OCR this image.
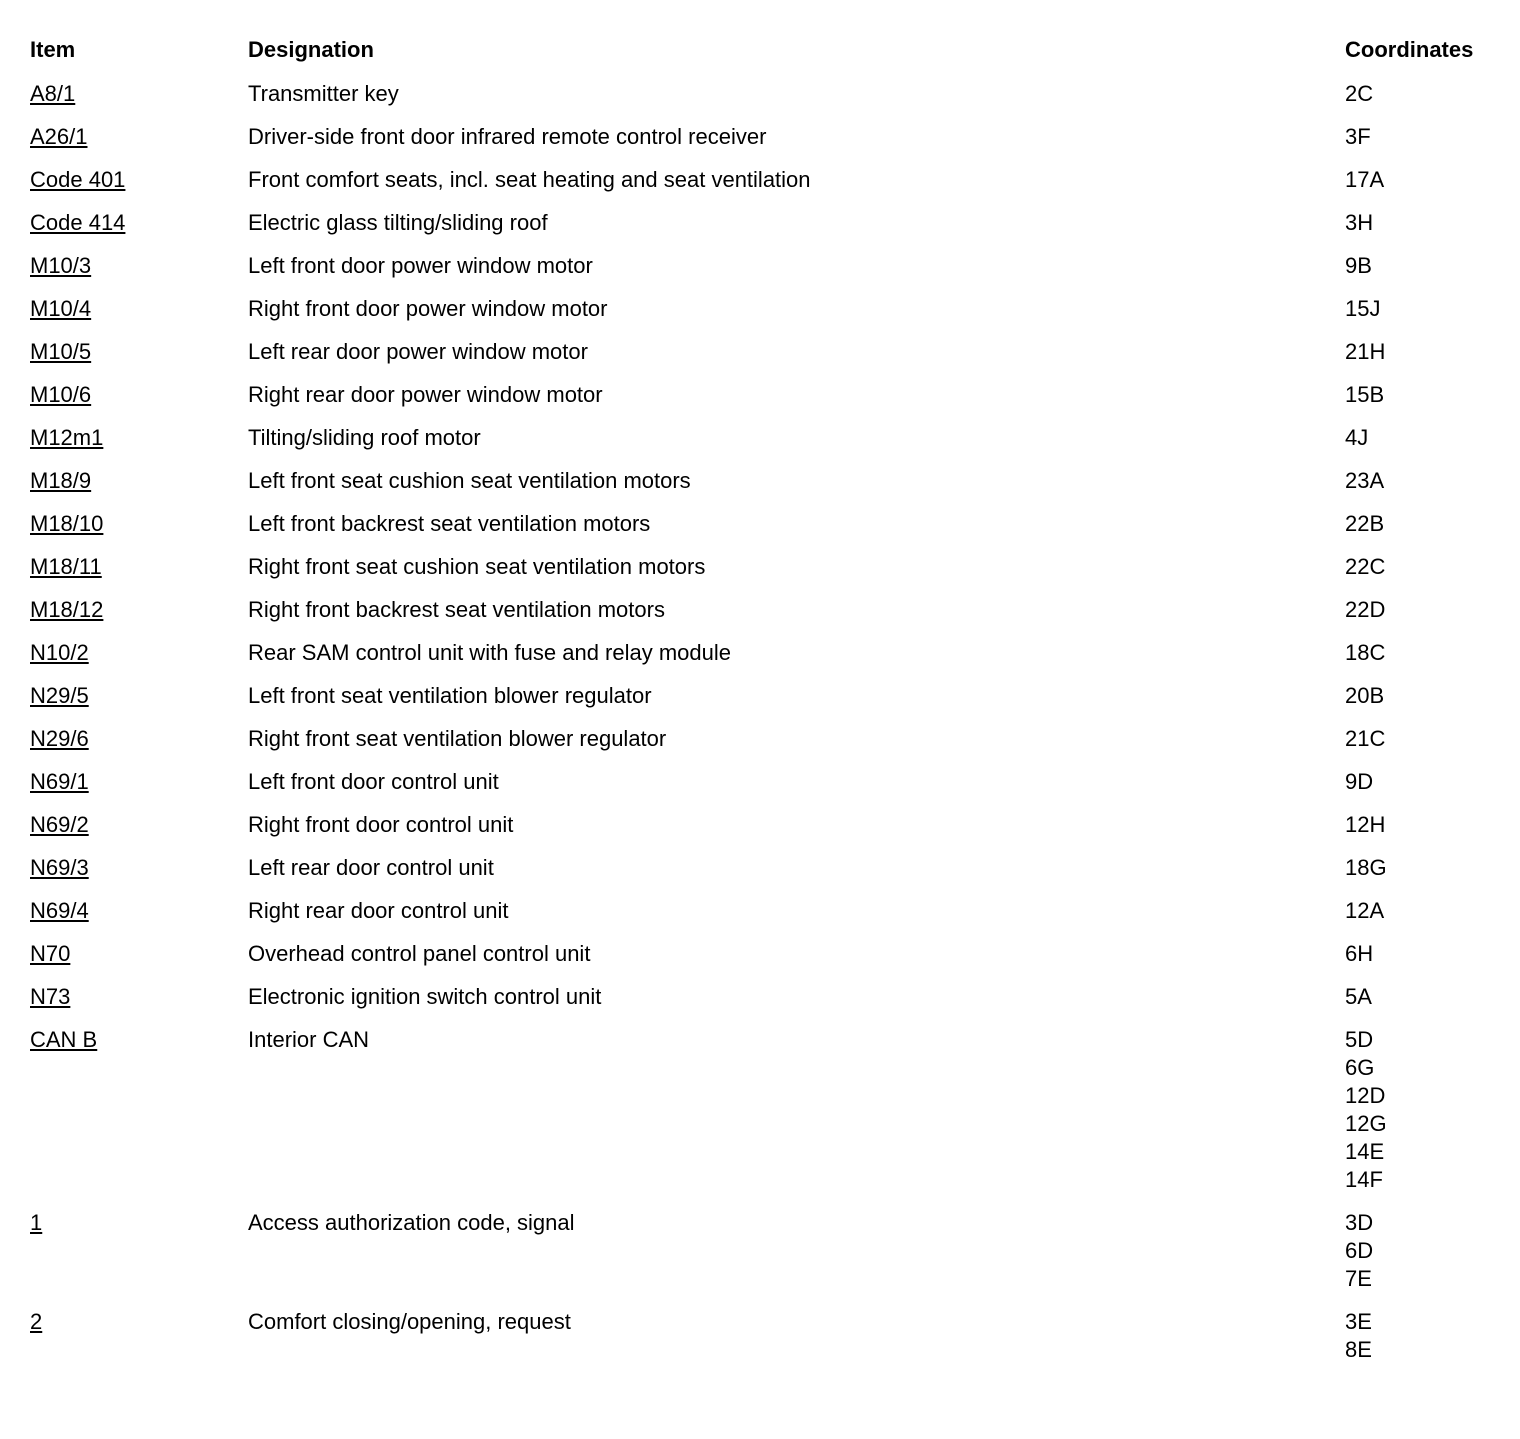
Item	Designation	Coordinates
A8/1	Transmitter key	2C
A26/1	Driver-side front door infrared remote control receiver	3F
Code 401	Front comfort seats, incl. seat heating and seat ventilation	17A
Code 414	Electric glass tilting/sliding roof	3H
M10/3	Left front door power window motor	9B
M10/4	Right front door power window motor	15J
M10/5	Left rear door power window motor	21H
M10/6	Right rear door power window motor	15B
M12m1	Tilting/sliding roof motor	4J
M18/9	Left front seat cushion seat ventilation motors	23A
M18/10	Left front backrest seat ventilation motors	22B
M18/11	Right front seat cushion seat ventilation motors	22C
M18/12	Right front backrest seat ventilation motors	22D
N10/2	Rear SAM control unit with fuse and relay module	18C
N29/5	Left front seat ventilation blower regulator	20B
N29/6	Right front seat ventilation blower regulator	21C
N69/1	Left front door control unit	9D
N69/2	Right front door control unit	12H
N69/3	Left rear door control unit	18G
N69/4	Right rear door control unit	12A
N70	Overhead control panel control unit	6H
N73	Electronic ignition switch control unit	5A
CAN B	Interior CAN	5D
6G
12D
12G
14E
14F
1	Access authorization code, signal	3D
6D
7E
2	Comfort closing/opening, request	3E
8E
